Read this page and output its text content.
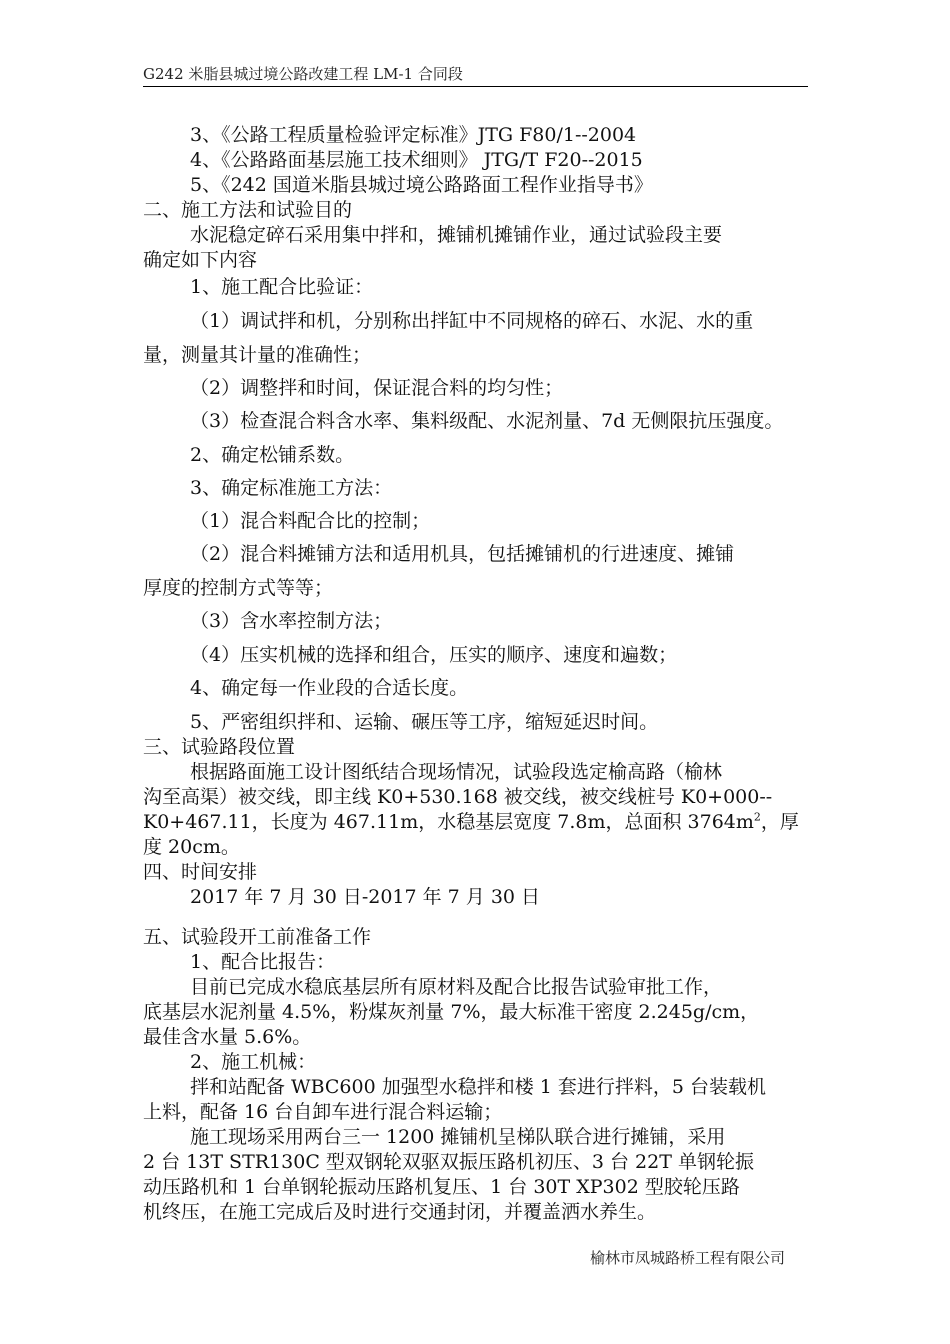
G242 米脂县城过境公路改建工程 LM-1 合同段
3、《公路工程质量检验评定标准》JTG F80/1--2004
4、《公路路面基层施工技术细则》 JTG/T F20--2015
5、《242 国道米脂县城过境公路路面工程作业指导书》
二、施工方法和试验目的
水泥稳定碎石采用集中拌和，摊铺机摊铺作业，通过试验段主要
确定如下内容
1、施工配合比验证：
（1）调试拌和机，分别称出拌缸中不同规格的碎石、水泥、水的重
量，测量其计量的准确性；
（2）调整拌和时间，保证混合料的均匀性；
（3）检查混合料含水率、集料级配、水泥剂量、7d 无侧限抗压强度。
2、确定松铺系数。
3、确定标准施工方法：
（1）混合料配合比的控制；
（2）混合料摊铺方法和适用机具，包括摊铺机的行进速度、摊铺
厚度的控制方式等等；
（3）含水率控制方法；
（4）压实机械的选择和组合，压实的顺序、速度和遍数；
4、确定每一作业段的合适长度。
5、严密组织拌和、运输、碾压等工序，缩短延迟时间。
三、试验路段位置
根据路面施工设计图纸结合现场情况，试验段选定榆高路（榆林
沟至高渠）被交线，即主线 K0+530.168 被交线，被交线桩号 K0+000--
K0+467.11，长度为 467.11m，水稳基层宽度 7.8m，总面积 $3764m^2$，厚
度 20cm。
四、时间安排
2017 年 7 月 30 日-2017 年 7 月 30 日
五、试验段开工前准备工作
1、配合比报告：
目前已完成水稳底基层所有原材料及配合比报告试验审批工作，
底基层水泥剂量 4.5%，粉煤灰剂量 7%，最大标准干密度 2.245g/cm，
最佳含水量 5.6%。
2、施工机械：
拌和站配备 WBC600 加强型水稳拌和楼 1 套进行拌料，5 台装载机
上料，配备 16 台自卸车进行混合料运输；
施工现场采用两台三一 1200 摊铺机呈梯队联合进行摊铺，采用
2 台 13T STR130C 型双钢轮双驱双振压路机初压、3 台 22T 单钢轮振
动压路机和 1 台单钢轮振动压路机复压、1 台 30T XP302 型胶轮压路
机终压，在施工完成后及时进行交通封闭，并覆盖洒水养生。
榆林市凤城路桥工程有限公司
